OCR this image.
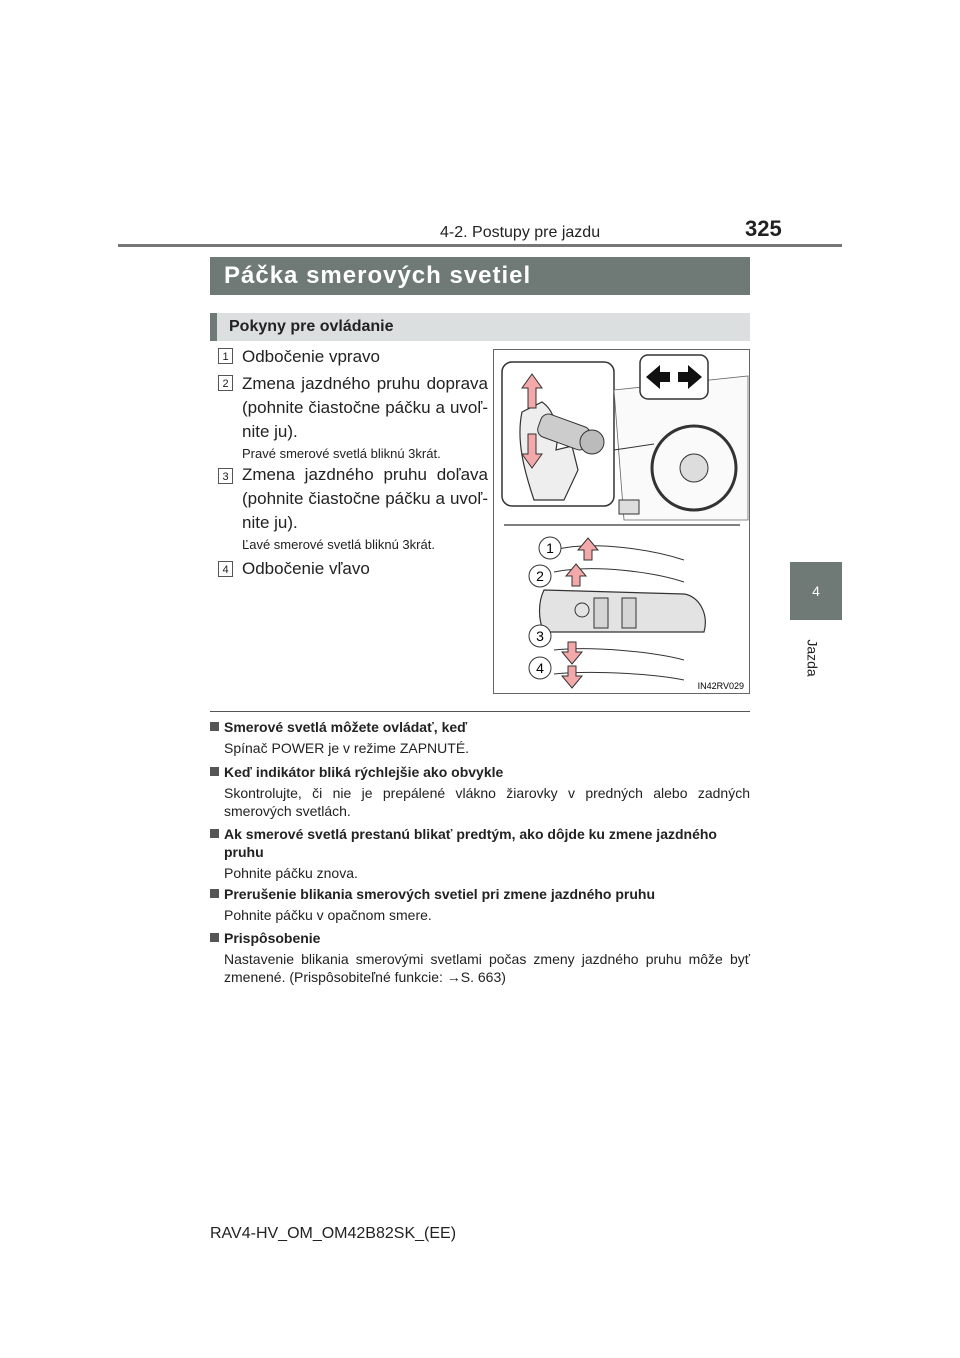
4-2. Postupy pre jazdu	325
4
Jazda
Páčka smerových svetiel
Pokyny pre ovládanie
1 Odbočenie vpravo
2 Zmena jazdného pruhu doprava (pohnite čiastočne páčku a uvoľ-nite ju).
Pravé smerové svetlá bliknú 3krát.
3 Zmena jazdného pruhu doľava (pohnite čiastočne páčku a uvoľ-nite ju).
Ľavé smerové svetlá bliknú 3krát.
4 Odbočenie vľavo
1
2
3
4
IN42RV029
Smerové svetlá môžete ovládať, keď
Spínač POWER je v režime ZAPNUTÉ.
Keď indikátor bliká rýchlejšie ako obvykle
Skontrolujte, či nie je prepálené vlákno žiarovky v predných alebo zadných smerových svetlách.
Ak smerové svetlá prestanú blikať predtým, ako dôjde ku zmene jazdného pruhu
Pohnite páčku znova.
Prerušenie blikania smerových svetiel pri zmene jazdného pruhu
Pohnite páčku v opačnom smere.
Prispôsobenie
Nastavenie blikania smerovými svetlami počas zmeny jazdného pruhu môže byť zmenené. (Prispôsobiteľné funkcie: →S. 663)
RAV4-HV_OM_OM42B82SK_(EE)
